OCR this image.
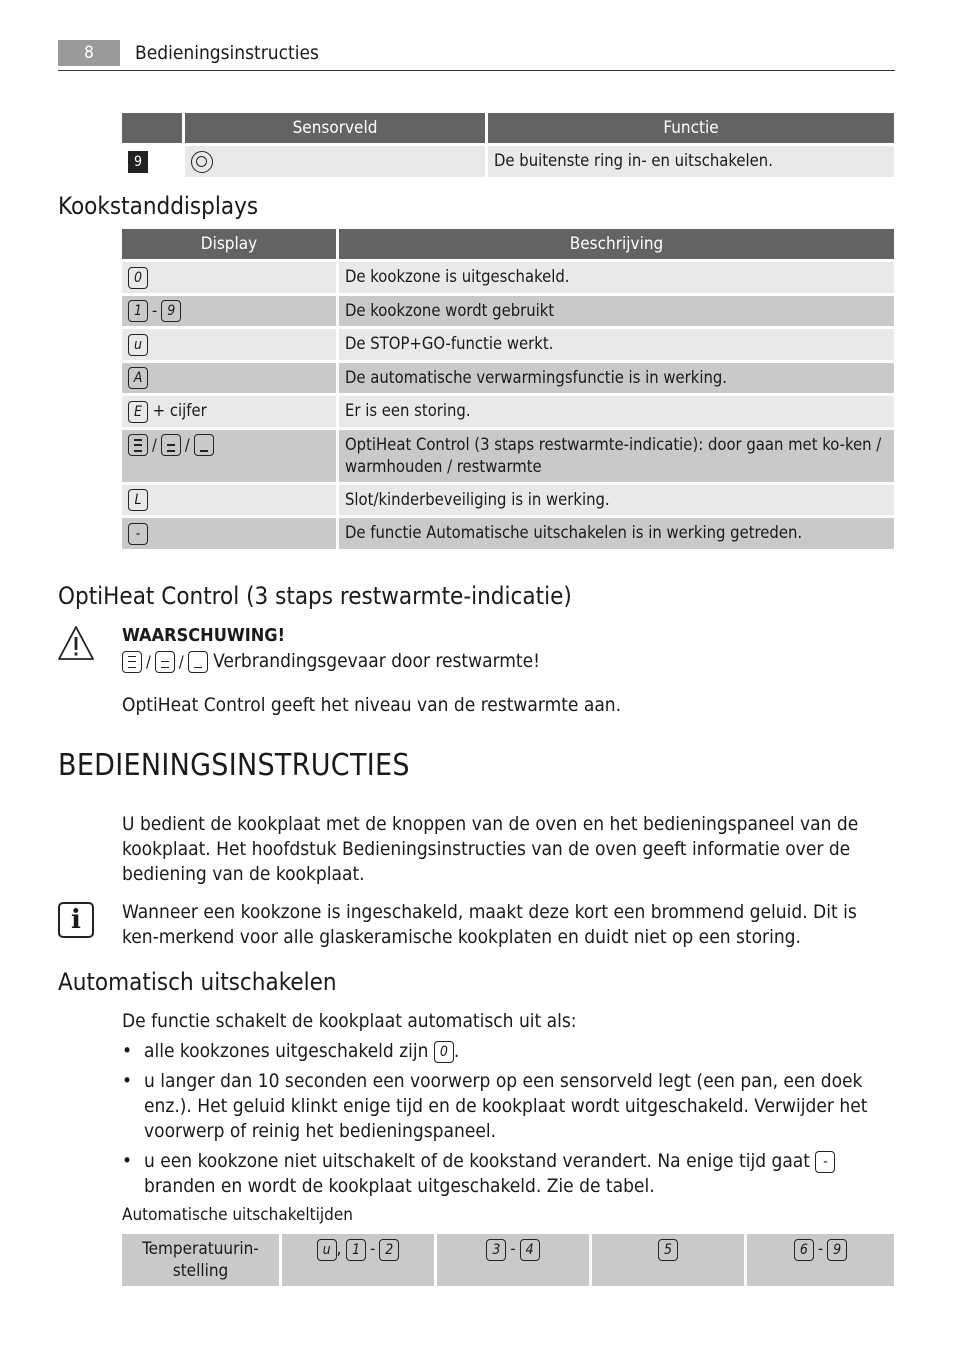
8	Bedieningsinstructies
	Sensorveld	Functie
9		De buitenste ring in- en uitschakelen.
Kookstanddisplays
Display	Beschrijving
0	De kookzone is uitgeschakeld.
1 - 9	De kookzone wordt gebruikt
u	De STOP+GO-functie werkt.
A	De automatische verwarmingsfunctie is in werking.
E + cijfer	Er is een storing.

/ /	OptiHeat Control (3 staps restwarmte-indicatie): door gaan met ko-ken / warmhouden / restwarmte
L	Slot/kinderbeveiliging is in werking.
-	De functie Automatische uitschakelen is in werking getreden.
OptiHeat Control (3 staps restwarmte-indicatie)

WAARSCHUWING!

/ / Verbrandingsgevaar door restwarmte!

OptiHeat Control geeft het niveau van de restwarmte aan.

BEDIENINGSINSTRUCTIES

U bedient de kookplaat met de knoppen van de oven en het bedieningspaneel van de kookplaat. Het hoofdstuk Bedieningsinstructies van de oven geeft informatie over de bediening van de kookplaat.

i	Wanneer een kookzone is ingeschakeld, maakt deze kort een brommend geluid. Dit is ken-merkend voor alle glaskeramische kookplaten en duidt niet op een storing.

Automatisch uitschakelen

De functie schakelt de kookplaat automatisch uit als:

• alle kookzones uitgeschakeld zijn 0 .
• u langer dan 10 seconden een voorwerp op een sensorveld legt (een pan, een doek enz.). Het geluid klinkt enige tijd en de kookplaat wordt uitgeschakeld. Verwijder het voorwerp of reinig het bedieningspaneel.
• u een kookzone niet uitschakelt of de kookstand verandert. Na enige tijd gaat - branden en wordt de kookplaat uitgeschakeld. Zie de tabel.

Automatische uitschakeltijden

Temperatuurin-stelling	u , 1 - 2	3 - 4	5	6 - 9
